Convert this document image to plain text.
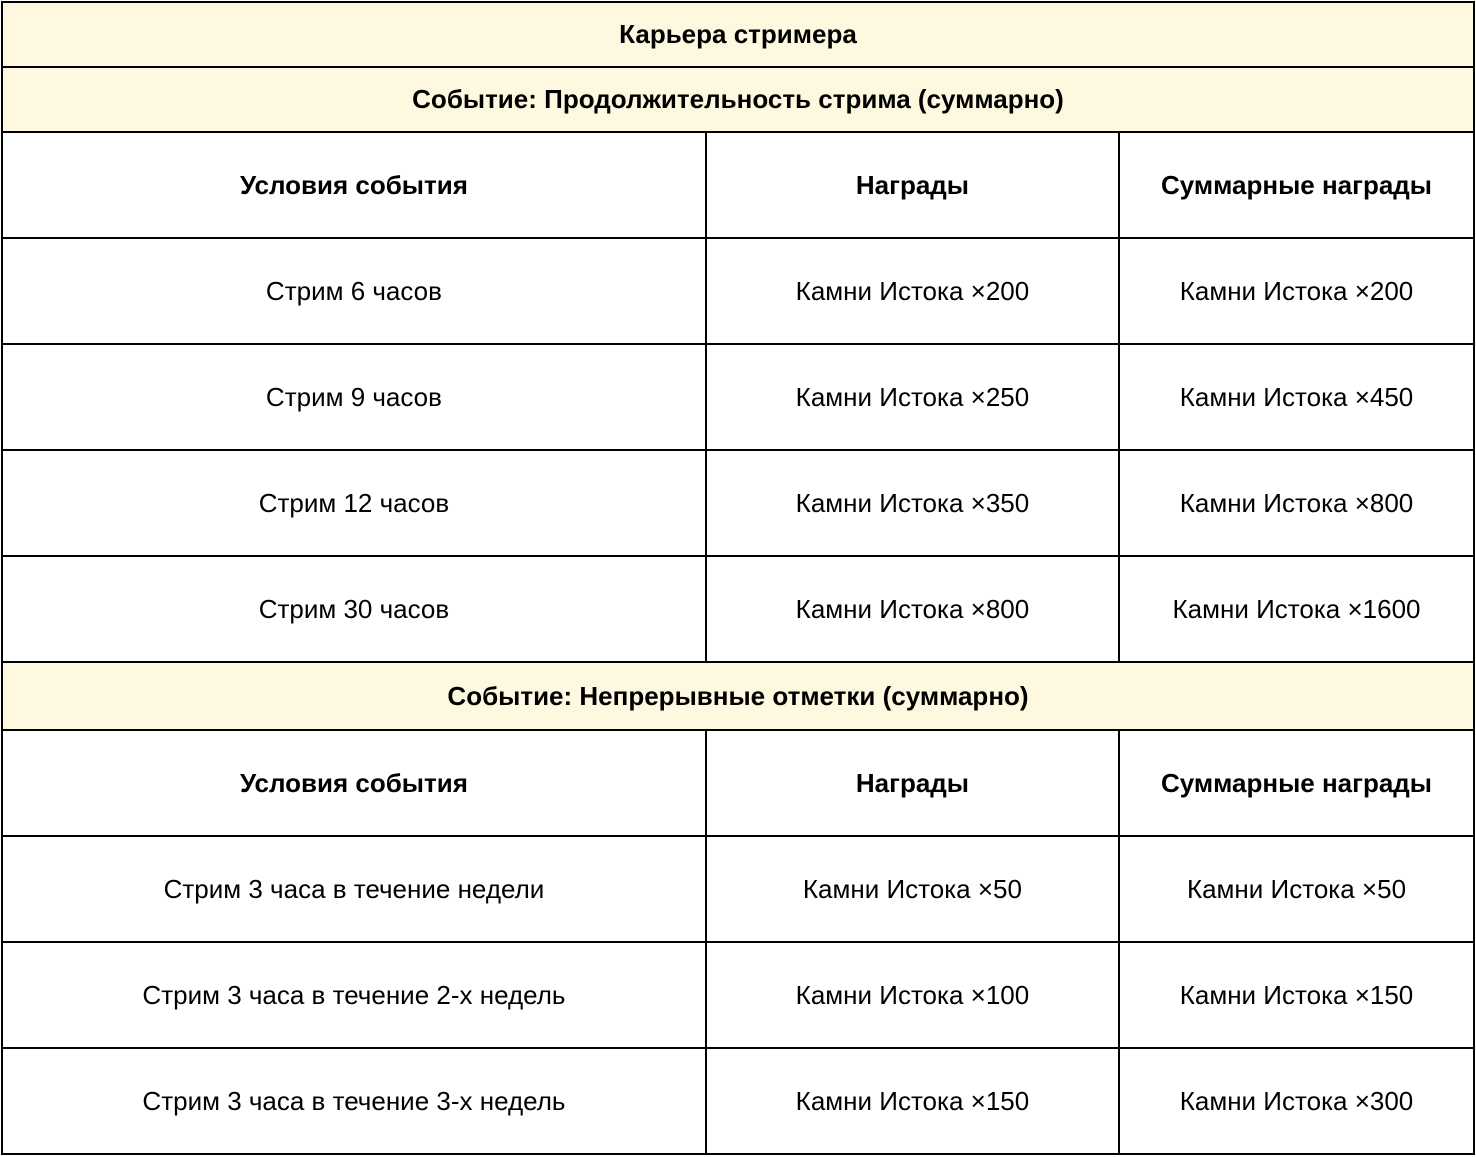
Карьера стримера		
Событие: Продолжительность стрима (суммарно)		
Условия события	Награды	Суммарные награды
Стрим 6 часов	Камни Истока ×200	Камни Истока ×200
Стрим 9 часов	Камни Истока ×250	Камни Истока ×450
Стрим 12 часов	Камни Истока ×350	Камни Истока ×800
Стрим 30 часов	Камни Истока ×800	Камни Истока ×1600
Событие: Непрерывные отметки (суммарно)		
Условия события	Награды	Суммарные награды
Стрим 3 часа в течение недели	Камни Истока ×50	Камни Истока ×50
Стрим 3 часа в течение 2-х недель	Камни Истока ×100	Камни Истока ×150
Стрим 3 часа в течение 3-х недель	Камни Истока ×150	Камни Истока ×300
